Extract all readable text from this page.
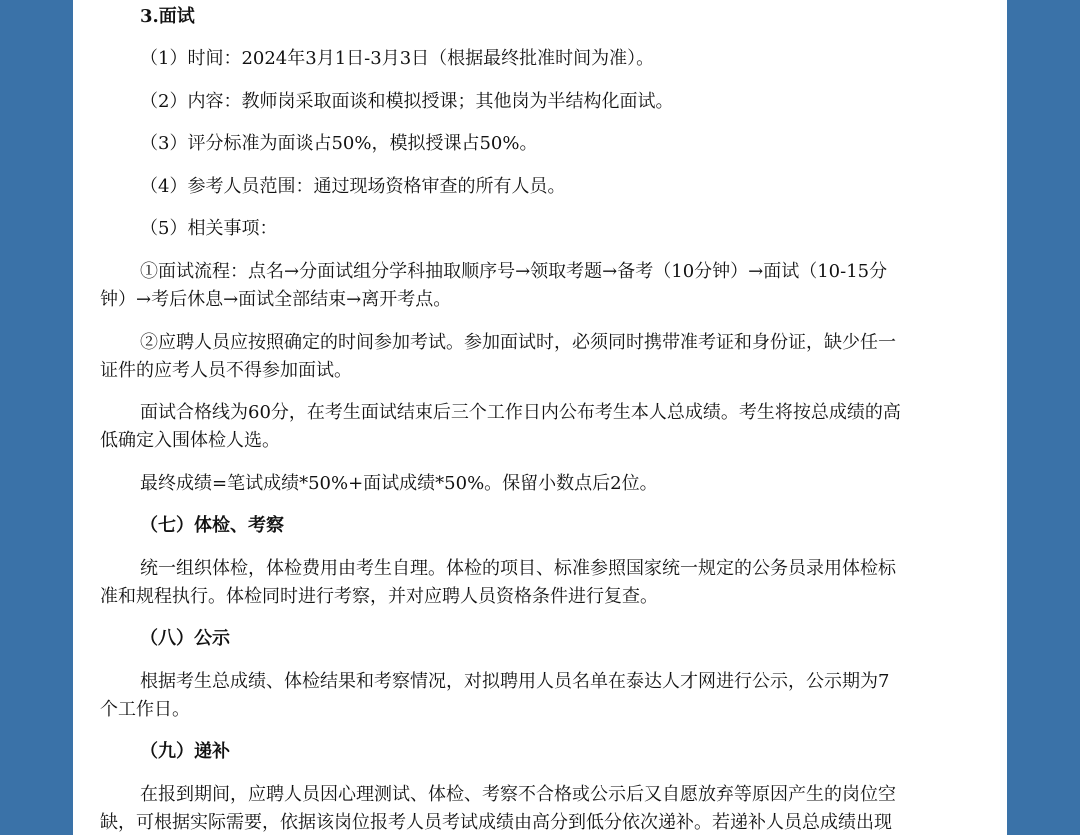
3.面试
（1）时间：2024年3月1日-3月3日（根据最终批准时间为准）。
（2）内容：教师岗采取面谈和模拟授课；其他岗为半结构化面试。
（3）评分标准为面谈占50%，模拟授课占50%。
（4）参考人员范围：通过现场资格审查的所有人员。
（5）相关事项：
①面试流程：点名→分面试组分学科抽取顺序号→领取考题→备考（10分钟）→面试（10-15分
钟）→考后休息→面试全部结束→离开考点。
②应聘人员应按照确定的时间参加考试。参加面试时，必须同时携带准考证和身份证，缺少任一
证件的应考人员不得参加面试。
面试合格线为60分，在考生面试结束后三个工作日内公布考生本人总成绩。考生将按总成绩的高
低确定入围体检人选。
最终成绩=笔试成绩*50%+面试成绩*50%。保留小数点后2位。
（七）体检、考察
统一组织体检，体检费用由考生自理。体检的项目、标准参照国家统一规定的公务员录用体检标
准和规程执行。体检同时进行考察，并对应聘人员资格条件进行复查。
（八）公示
根据考生总成绩、体检结果和考察情况，对拟聘用人员名单在泰达人才网进行公示，公示期为7
个工作日。
（九）递补
在报到期间，应聘人员因心理测试、体检、考察不合格或公示后又自愿放弃等原因产生的岗位空
缺，可根据实际需要，依据该岗位报考人员考试成绩由高分到低分依次递补。若递补人员总成绩出现
